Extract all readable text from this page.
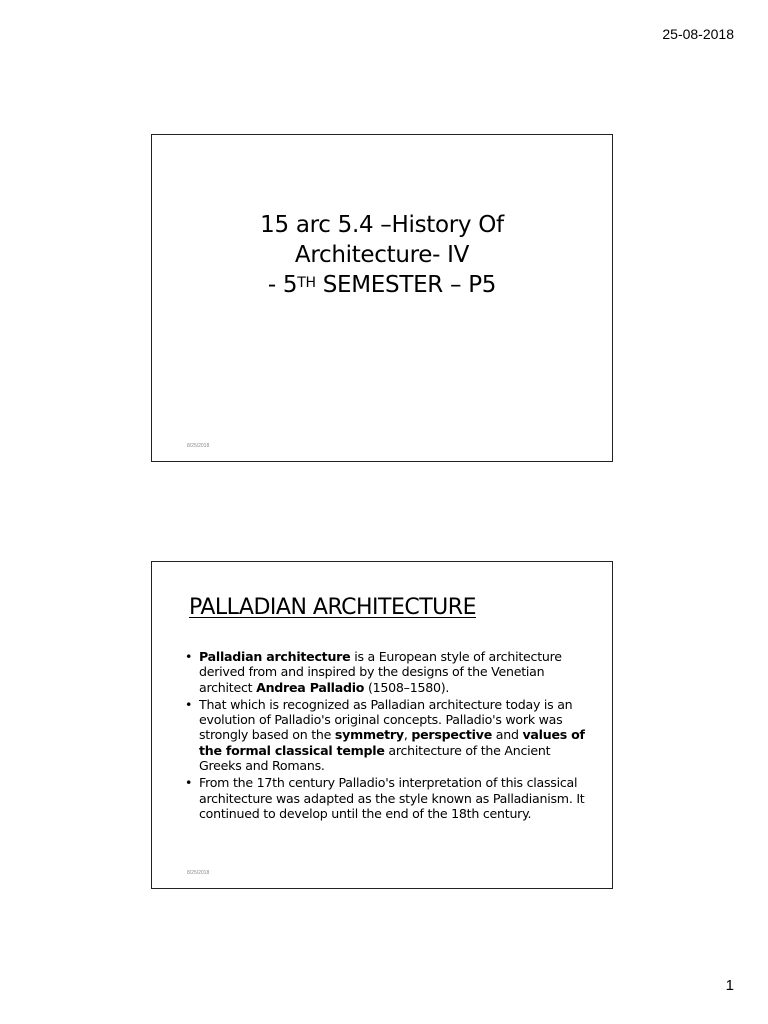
25-08-2018
15 arc 5.4 –History Of
Architecture- IV
- 5TH SEMESTER – P5
8/25/2018
PALLADIAN ARCHITECTURE
• Palladian architecture is a European style of architecture derived from and inspired by the designs of the Venetian architect Andrea Palladio (1508–1580).
• That which is recognized as Palladian architecture today is an evolution of Palladio's original concepts. Palladio's work was strongly based on the symmetry, perspective and values of the formal classical temple architecture of the Ancient Greeks and Romans.
• From the 17th century Palladio's interpretation of this classical architecture was adapted as the style known as Palladianism. It continued to develop until the end of the 18th century.
8/25/2018
1
